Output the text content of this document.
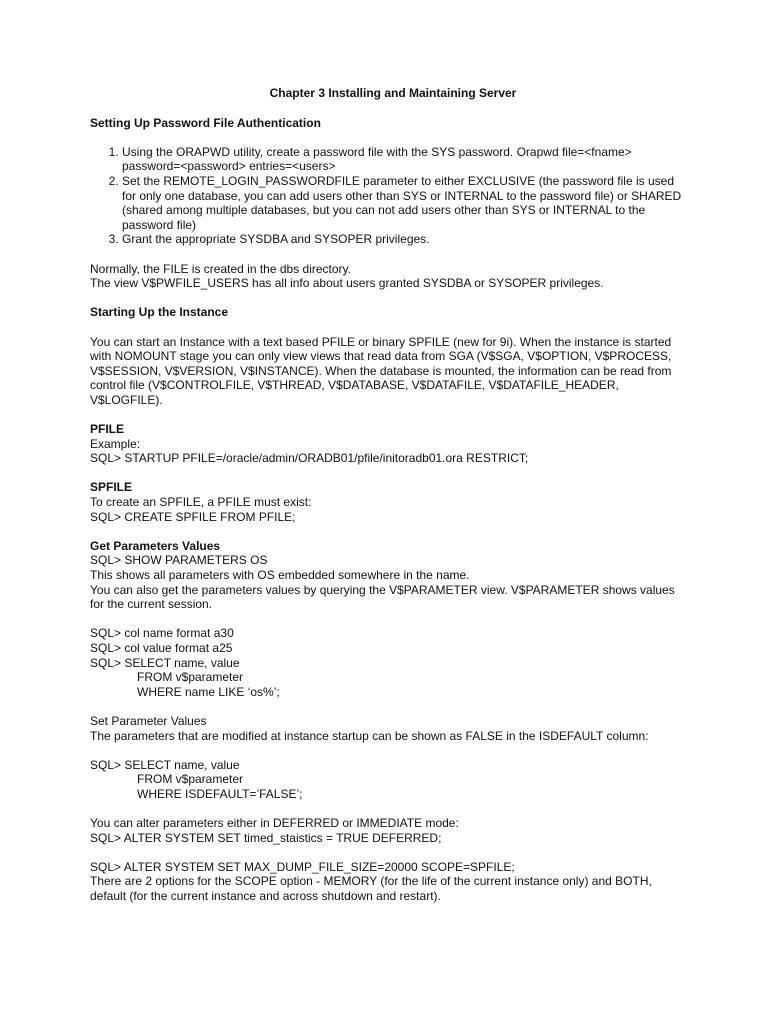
Chapter 3 Installing and Maintaining Server

Setting Up Password File Authentication

1. Using the ORAPWD utility, create a password file with the SYS password. Orapwd file=<fname> password=<password> entries=<users>
2. Set the REMOTE_LOGIN_PASSWORDFILE parameter to either EXCLUSIVE (the password file is used for only one database, you can add users other than SYS or INTERNAL to the password file) or SHARED (shared among multiple databases, but you can not add users other than SYS or INTERNAL to the password file)
3. Grant the appropriate SYSDBA and SYSOPER privileges.

Normally, the FILE is created in the dbs directory.

The view V$PWFILE_USERS has all info about users granted SYSDBA or SYSOPER privileges.

Starting Up the Instance

You can start an Instance with a text based PFILE or binary SPFILE (new for 9i). When the instance is started with NOMOUNT stage you can only view views that read data from SGA (V$SGA, V$OPTION, V$PROCESS, V$SESSION, V$VERSION, V$INSTANCE). When the database is mounted, the information can be read from control file (V$CONTROLFILE, V$THREAD, V$DATABASE, V$DATAFILE, V$DATAFILE_HEADER, V$LOGFILE).

PFILE

Example:

SQL> STARTUP PFILE=/oracle/admin/ORADB01/pfile/initoradb01.ora RESTRICT;

SPFILE

To create an SPFILE, a PFILE must exist:

SQL> CREATE SPFILE FROM PFILE;

Get Parameters Values

SQL> SHOW PARAMETERS OS

This shows all parameters with OS embedded somewhere in the name.

You can also get the parameters values by querying the V$PARAMETER view. V$PARAMETER shows values for the current session.

SQL> col name format a30

SQL> col value format a25

SQL> SELECT name, value

FROM v$parameter

WHERE name LIKE ‘os%’;

Set Parameter Values

The parameters that are modified at instance startup can be shown as FALSE in the ISDEFAULT column:

SQL> SELECT name, value

FROM v$parameter

WHERE ISDEFAULT=’FALSE’;

You can alter parameters either in DEFERRED or IMMEDIATE mode:

SQL> ALTER SYSTEM SET timed_staistics = TRUE DEFERRED;

SQL> ALTER SYSTEM SET MAX_DUMP_FILE_SIZE=20000 SCOPE=SPFILE;

There are 2 options for the SCOPE option - MEMORY (for the life of the current instance only) and BOTH, default (for the current instance and across shutdown and restart).
